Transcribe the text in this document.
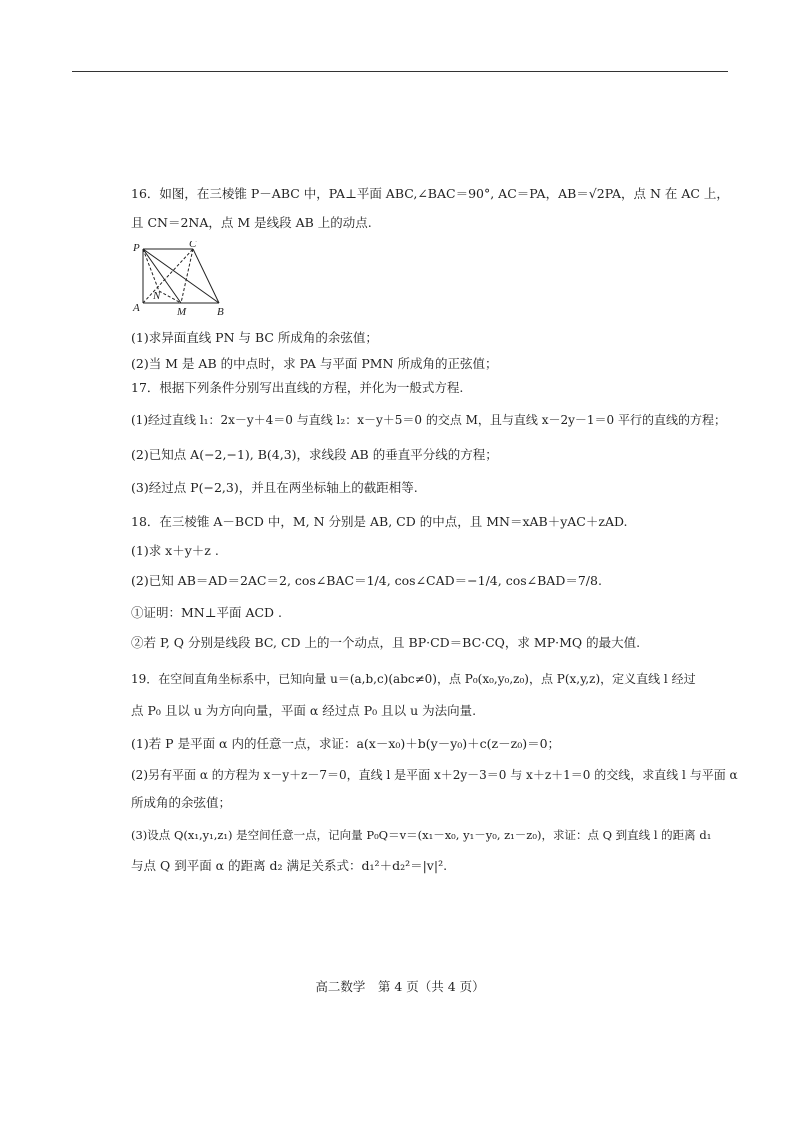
16．如图，在三棱锥 P－ABC 中，PA⊥平面 ABC,∠BAC＝90°, AC＝PA，AB＝√2PA，点 N 在 AC 上，
且 CN＝2NA，点 M 是线段 AB 上的动点.
(1)求异面直线 PN 与 BC 所成角的余弦值；
(2)当 M 是 AB 的中点时，求 PA 与平面 PMN 所成角的正弦值；
17．根据下列条件分别写出直线的方程，并化为一般式方程.
(1)经过直线 l₁：2x－y＋4＝0 与直线 l₂：x－y＋5＝0 的交点 M，且与直线 x－2y－1＝0 平行的直线的方程；
(2)已知点 A(−2,−1), B(4,3)，求线段 AB 的垂直平分线的方程；
(3)经过点 P(−2,3)，并且在两坐标轴上的截距相等.
18．在三棱锥 A－BCD 中，M, N 分别是 AB, CD 的中点，且 MN＝xAB＋yAC＋zAD.
(1)求 x＋y＋z .
(2)已知 AB＝AD＝2AC＝2, cos∠BAC＝1/4, cos∠CAD＝−1/4, cos∠BAD＝7/8.
①证明：MN⊥平面 ACD .
②若 P, Q 分别是线段 BC, CD 上的一个动点，且 BP·CD＝BC·CQ，求 MP·MQ 的最大值.
19．在空间直角坐标系中，已知向量 u＝(a,b,c)(abc≠0)，点 P₀(x₀,y₀,z₀)，点 P(x,y,z)，定义直线 l 经过
点 P₀ 且以 u 为方向向量，平面 α 经过点 P₀ 且以 u 为法向量.
(1)若 P 是平面 α 内的任意一点，求证：a(x－x₀)＋b(y－y₀)＋c(z－z₀)＝0；
(2)另有平面 α 的方程为 x－y＋z－7＝0，直线 l 是平面 x＋2y－3＝0 与 x＋z＋1＝0 的交线，求直线 l 与平面 α
所成角的余弦值；
(3)设点 Q(x₁,y₁,z₁) 是空间任意一点，记向量 P₀Q＝v＝(x₁－x₀, y₁－y₀, z₁－z₀)，求证：点 Q 到直线 l 的距离 d₁
与点 Q 到平面 α 的距离 d₂ 满足关系式：d₁²＋d₂²＝|v|².
P	C
N
A	M	B
高二数学　第 4 页（共 4 页）
